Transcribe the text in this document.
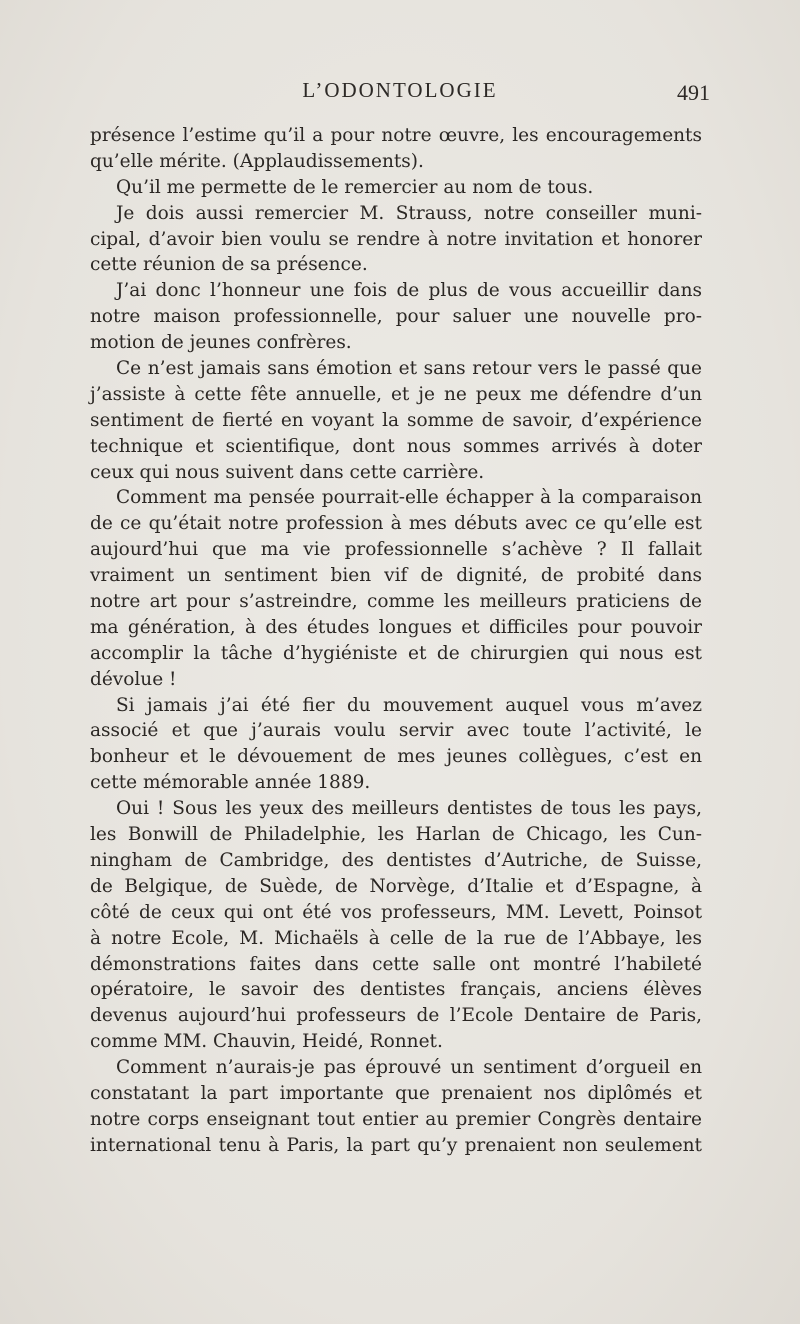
L’ODONTOLOGIE	491
présence l’estime qu’il a pour notre œuvre, les encouragements
qu’elle mérite. (Applaudissements).
Qu’il me permette de le remercier au nom de tous.
Je dois aussi remercier M. Strauss, notre conseiller muni-
cipal, d’avoir bien voulu se rendre à notre invitation et honorer
cette réunion de sa présence.
J’ai donc l’honneur une fois de plus de vous accueillir dans
notre maison professionnelle, pour saluer une nouvelle pro-
motion de jeunes confrères.
Ce n’est jamais sans émotion et sans retour vers le passé que
j’assiste à cette fête annuelle, et je ne peux me défendre d’un
sentiment de fierté en voyant la somme de savoir, d’expérience
technique et scientifique, dont nous sommes arrivés à doter
ceux qui nous suivent dans cette carrière.
Comment ma pensée pourrait-elle échapper à la comparaison
de ce qu’était notre profession à mes débuts avec ce qu’elle est
aujourd’hui que ma vie professionnelle s’achève ? Il fallait
vraiment un sentiment bien vif de dignité, de probité dans
notre art pour s’astreindre, comme les meilleurs praticiens de
ma génération, à des études longues et difficiles pour pouvoir
accomplir la tâche d’hygiéniste et de chirurgien qui nous est
dévolue !
Si jamais j’ai été fier du mouvement auquel vous m’avez
associé et que j’aurais voulu servir avec toute l’activité, le
bonheur et le dévouement de mes jeunes collègues, c’est en
cette mémorable année 1889.
Oui ! Sous les yeux des meilleurs dentistes de tous les pays,
les Bonwill de Philadelphie, les Harlan de Chicago, les Cun-
ningham de Cambridge, des dentistes d’Autriche, de Suisse,
de Belgique, de Suède, de Norvège, d’Italie et d’Espagne, à
côté de ceux qui ont été vos professeurs, MM. Levett, Poinsot
à notre Ecole, M. Michaëls à celle de la rue de l’Abbaye, les
démonstrations faites dans cette salle ont montré l’habileté
opératoire, le savoir des dentistes français, anciens élèves
devenus aujourd’hui professeurs de l’Ecole Dentaire de Paris,
comme MM. Chauvin, Heidé, Ronnet.
Comment n’aurais-je pas éprouvé un sentiment d’orgueil en
constatant la part importante que prenaient nos diplômés et
notre corps enseignant tout entier au premier Congrès dentaire
international tenu à Paris, la part qu’y prenaient non seulement
